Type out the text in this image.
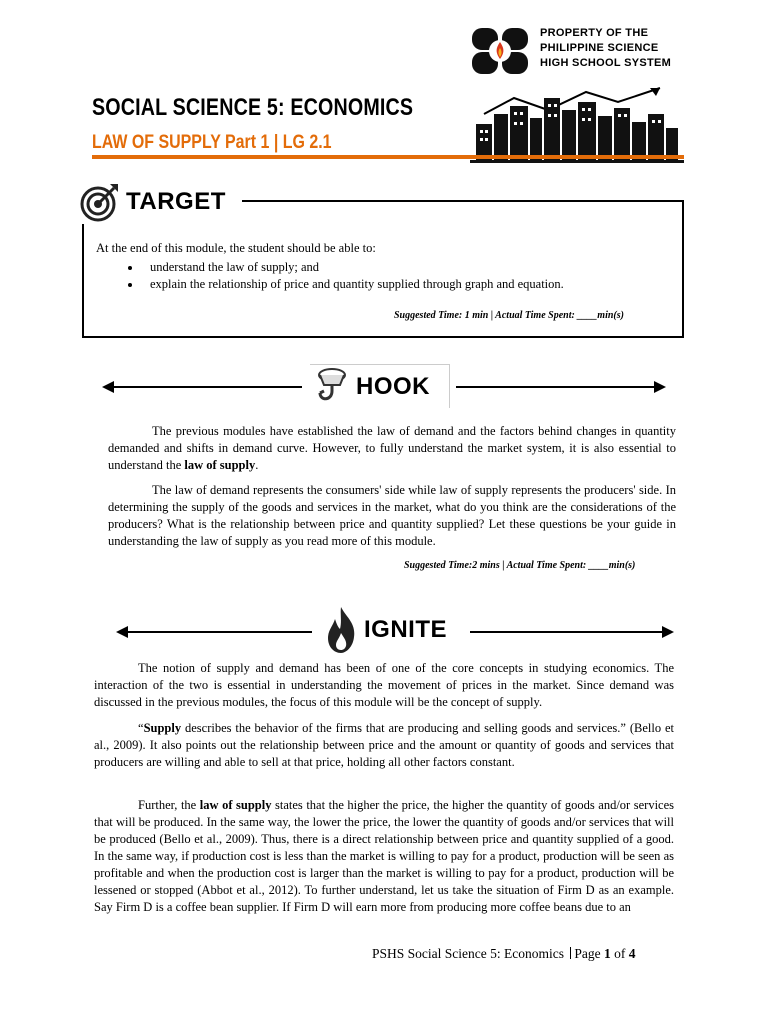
PROPERTY OF THE
PHILIPPINE SCIENCE
HIGH SCHOOL SYSTEM
SOCIAL SCIENCE 5: ECONOMICS
LAW OF SUPPLY Part 1 | LG 2.1
TARGET
At the end of this module, the student should be able to:
• understand the law of supply; and
• explain the relationship of price and quantity supplied through graph and equation.
Suggested Time: 1 min | Actual Time Spent: ____min(s)
HOOK

The previous modules have established the law of demand and the factors behind changes in quantity demanded and shifts in demand curve. However, to fully understand the market system, it is also essential to understand the law of supply.

The law of demand represents the consumers' side while law of supply represents the producers' side. In determining the supply of the goods and services in the market, what do you think are the considerations of the producers? What is the relationship between price and quantity supplied? Let these questions be your guide in understanding the law of supply as you read more of this module.

Suggested Time:2 mins | Actual Time Spent: ____min(s)
IGNITE

The notion of supply and demand has been of one of the core concepts in studying economics. The interaction of the two is essential in understanding the movement of prices in the market. Since demand was discussed in the previous modules, the focus of this module will be the concept of supply.

“Supply describes the behavior of the firms that are producing and selling goods and services.” (Bello et al., 2009). It also points out the relationship between price and the amount or quantity of goods and services that producers are willing and able to sell at that price, holding all other factors constant.

Further, the law of supply states that the higher the price, the higher the quantity of goods and/or services that will be produced. In the same way, the lower the price, the lower the quantity of goods and/or services that will be produced (Bello et al., 2009). Thus, there is a direct relationship between price and quantity supplied of a good. In the same way, if production cost is less than the market is willing to pay for a product, production will be seen as profitable and when the production cost is larger than the market is willing to pay for a product, production will be lessened or stopped (Abbot et al., 2012). To further understand, let us take the situation of Firm D as an example. Say Firm D is a coffee bean supplier. If Firm D will earn more from producing more coffee beans due to an

PSHS Social Science 5: Economics Page 1 of 4
